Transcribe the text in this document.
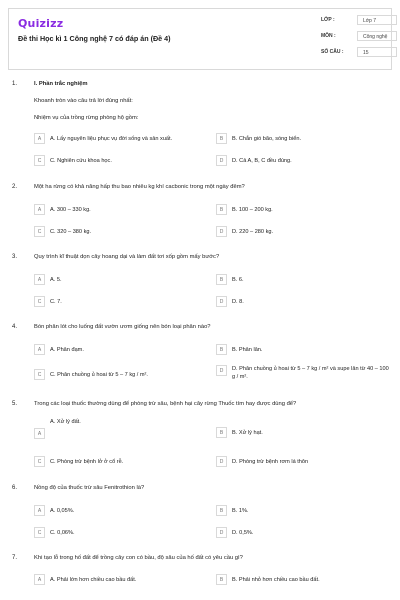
Quizizz
Đề thi Học kì 1 Công nghệ 7 có đáp án (Đề 4)
LỚP :	Lớp 7
MÔN :	Công nghệ
SỐ CÂU :	15
1.	I. Phần trắc nghiệm
Khoanh tròn vào câu trả lời đúng nhất:
Nhiệm vụ của trồng rừng phòng hộ gồm:
A	A. Lấy nguyên liệu phục vụ đời sống và sản xuất.	B	B. Chắn gió bão, sóng biển.
C	C. Nghiên cứu khoa học.	D	D. Cả A, B, C đều đúng.
2.	Một ha rừng có khả năng hấp thu bao nhiêu kg khí cacbonic trong một ngày đêm?
A	A. 300 – 330 kg.	B	B. 100 – 200 kg.
C	C. 320 – 380 kg.	D	D. 220 – 280 kg.
3.	Quy trình kĩ thuật dọn cây hoang dại và làm đất tơi xốp gồm mấy bước?
A	A. 5.	B	B. 6.
C	C. 7.	D	D. 8.
4.	Bón phân lót cho luống đất vườn ươm giống nên bón loại phân nào?
A	A. Phân đạm.	B	B. Phân lân.
C	C. Phân chuồng ủ hoai từ 5 – 7 kg / m².
D	D. Phân chuồng ủ hoai từ 5 – 7 kg / m² và supe lân từ 40 – 100 g / m².
5.	Trong các loại thuốc thường dùng để phòng trừ sâu, bệnh hại cây rừng Thuốc tím hay được dùng để?
A
A. Xử lý đất.
B	B. Xử lý hạt.
C	C. Phòng trừ bệnh lở ở cổ rễ.	D	D. Phòng trừ bệnh rơm lá thôn
6.	Nồng độ của thuốc trừ sâu Fenitrothion là?
A	A. 0,05%.	B	B. 1%.
C	C. 0,06%.	D	D. 0,5%.
7.	Khi tạo lỗ trong hố đất để trồng cây con có bầu, độ sâu của hố đất có yêu cầu gì?
A	A. Phải lớn hơn chiều cao bầu đất.	B	B. Phải nhỏ hơn chiều cao bầu đất.
